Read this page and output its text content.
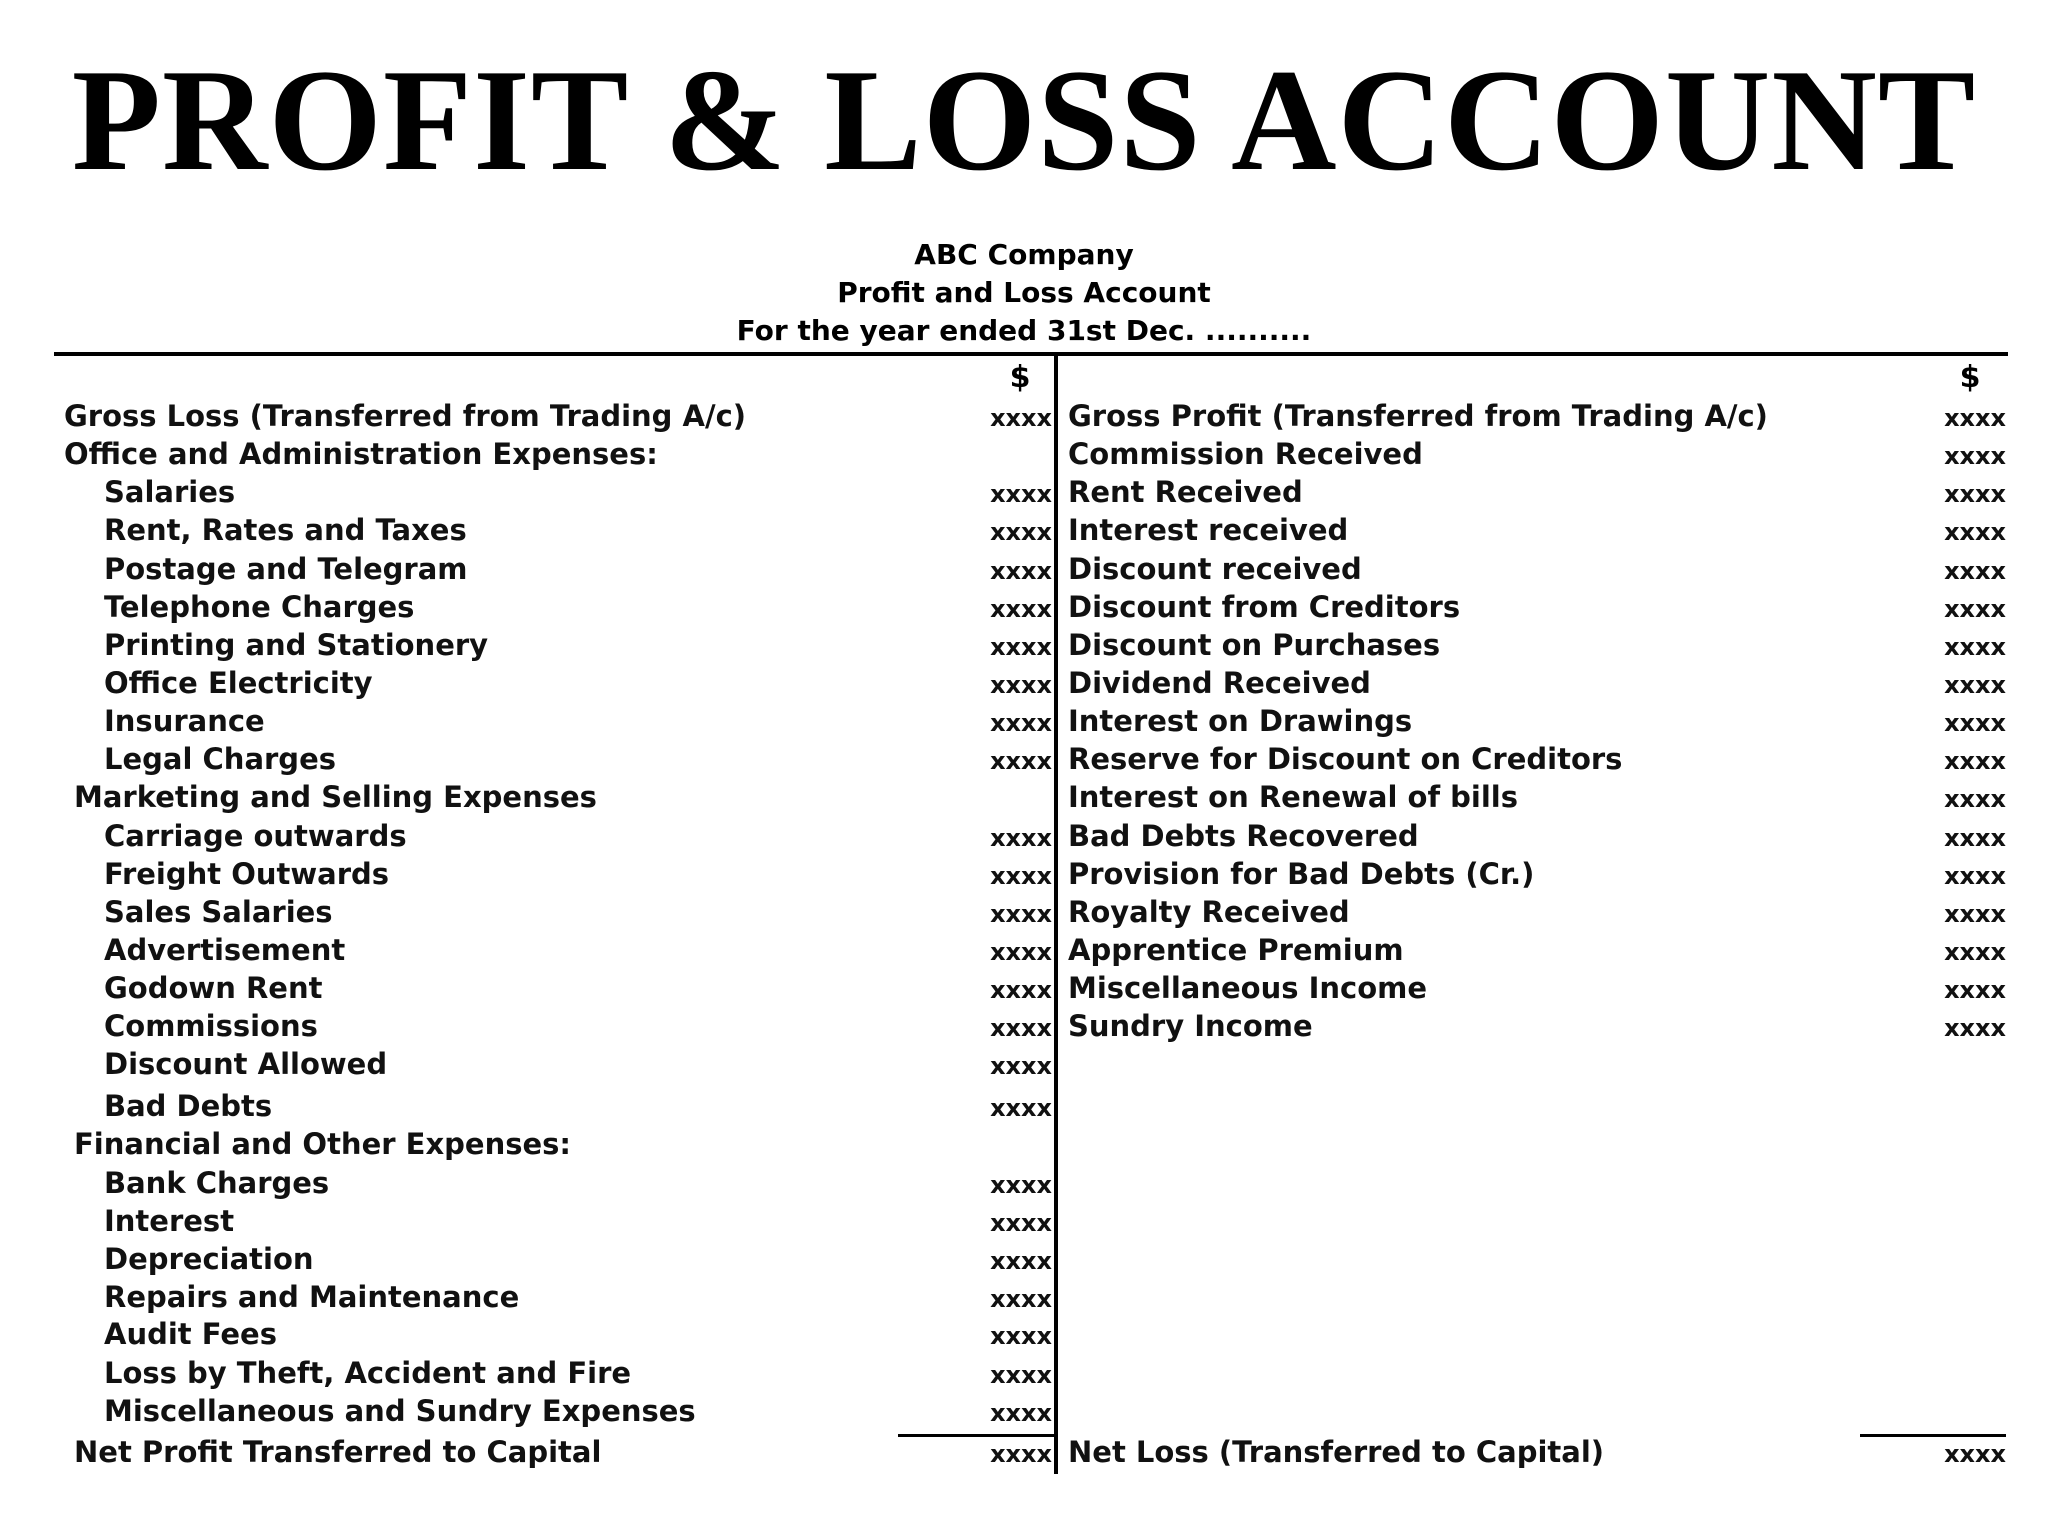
PROFIT & LOSS ACCOUNT
ABC Company
Profit and Loss Account
For the year ended 31st Dec. ..........
$	$
Gross Loss (Transferred from Trading A/c)	xxxx
Office and Administration Expenses:
Salaries	xxxx
Rent, Rates and Taxes	xxxx
Postage and Telegram	xxxx
Telephone Charges	xxxx
Printing and Stationery	xxxx
Office Electricity	xxxx
Insurance	xxxx
Legal Charges	xxxx
Marketing and Selling Expenses
Carriage outwards	xxxx
Freight Outwards	xxxx
Sales Salaries	xxxx
Advertisement	xxxx
Godown Rent	xxxx
Commissions	xxxx
Discount Allowed	xxxx
Bad Debts	xxxx
Financial and Other Expenses:
Bank Charges	xxxx
Interest	xxxx
Depreciation	xxxx
Repairs and Maintenance	xxxx
Audit Fees	xxxx
Loss by Theft, Accident and Fire	xxxx
Miscellaneous and Sundry Expenses	xxxx
Net Profit Transferred to Capital	xxxx
Gross Profit (Transferred from Trading A/c)	xxxx
Commission Received	xxxx
Rent Received	xxxx
Interest received	xxxx
Discount received	xxxx
Discount from Creditors	xxxx
Discount on Purchases	xxxx
Dividend Received	xxxx
Interest on Drawings	xxxx
Reserve for Discount on Creditors	xxxx
Interest on Renewal of bills	xxxx
Bad Debts Recovered	xxxx
Provision for Bad Debts (Cr.)	xxxx
Royalty Received	xxxx
Apprentice Premium	xxxx
Miscellaneous Income	xxxx
Sundry Income	xxxx
Net Loss (Transferred to Capital)	xxxx
